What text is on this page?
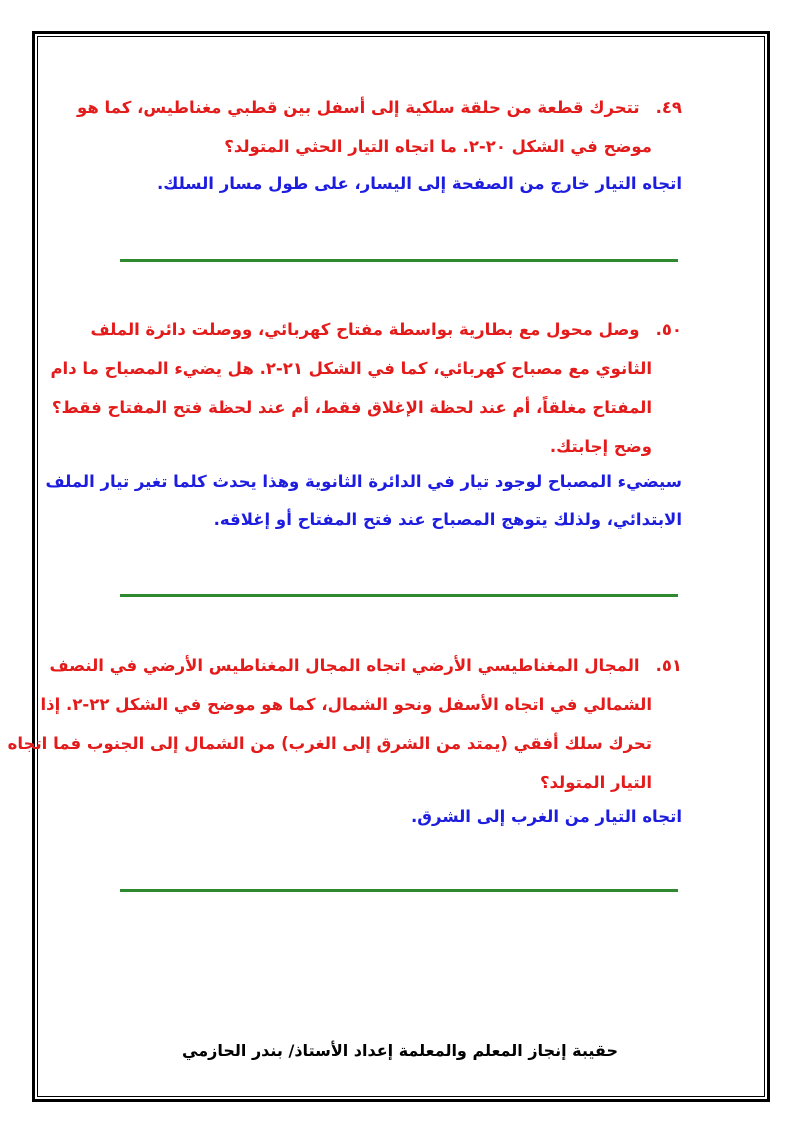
٤٩.تتحرك قطعة من حلقة سلكية إلى أسفل بين قطبي مغناطيس، كما هو
موضح في الشكل ٢٠-٢. ما اتجاه التيار الحثي المتولد؟
اتجاه التيار خارج من الصفحة إلى اليسار، على طول مسار السلك.
٥٠.وصل محول مع بطارية بواسطة مفتاح كهربائي، ووصلت دائرة الملف
الثانوي مع مصباح كهربائي، كما في الشكل ٢١-٢. هل يضيء المصباح ما دام
المفتاح مغلقاً، أم عند لحظة الإغلاق فقط، أم عند لحظة فتح المفتاح فقط؟
وضح إجابتك.
سيضيء المصباح لوجود تيار في الدائرة الثانوية وهذا يحدث كلما تغير تيار الملف
الابتدائي، ولذلك يتوهج المصباح عند فتح المفتاح أو إغلاقه.
٥١.المجال المغناطيسي الأرضي اتجاه المجال المغناطيس الأرضي في النصف
الشمالي في اتجاه الأسفل ونحو الشمال، كما هو موضح في الشكل ٢٢-٢. إذا
تحرك سلك أفقي (يمتد من الشرق إلى الغرب) من الشمال إلى الجنوب فما اتجاه
التيار المتولد؟
اتجاه التيار من الغرب إلى الشرق.
حقيبة إنجاز المعلم والمعلمة إعداد الأستاذ/ بندر الحازمي
